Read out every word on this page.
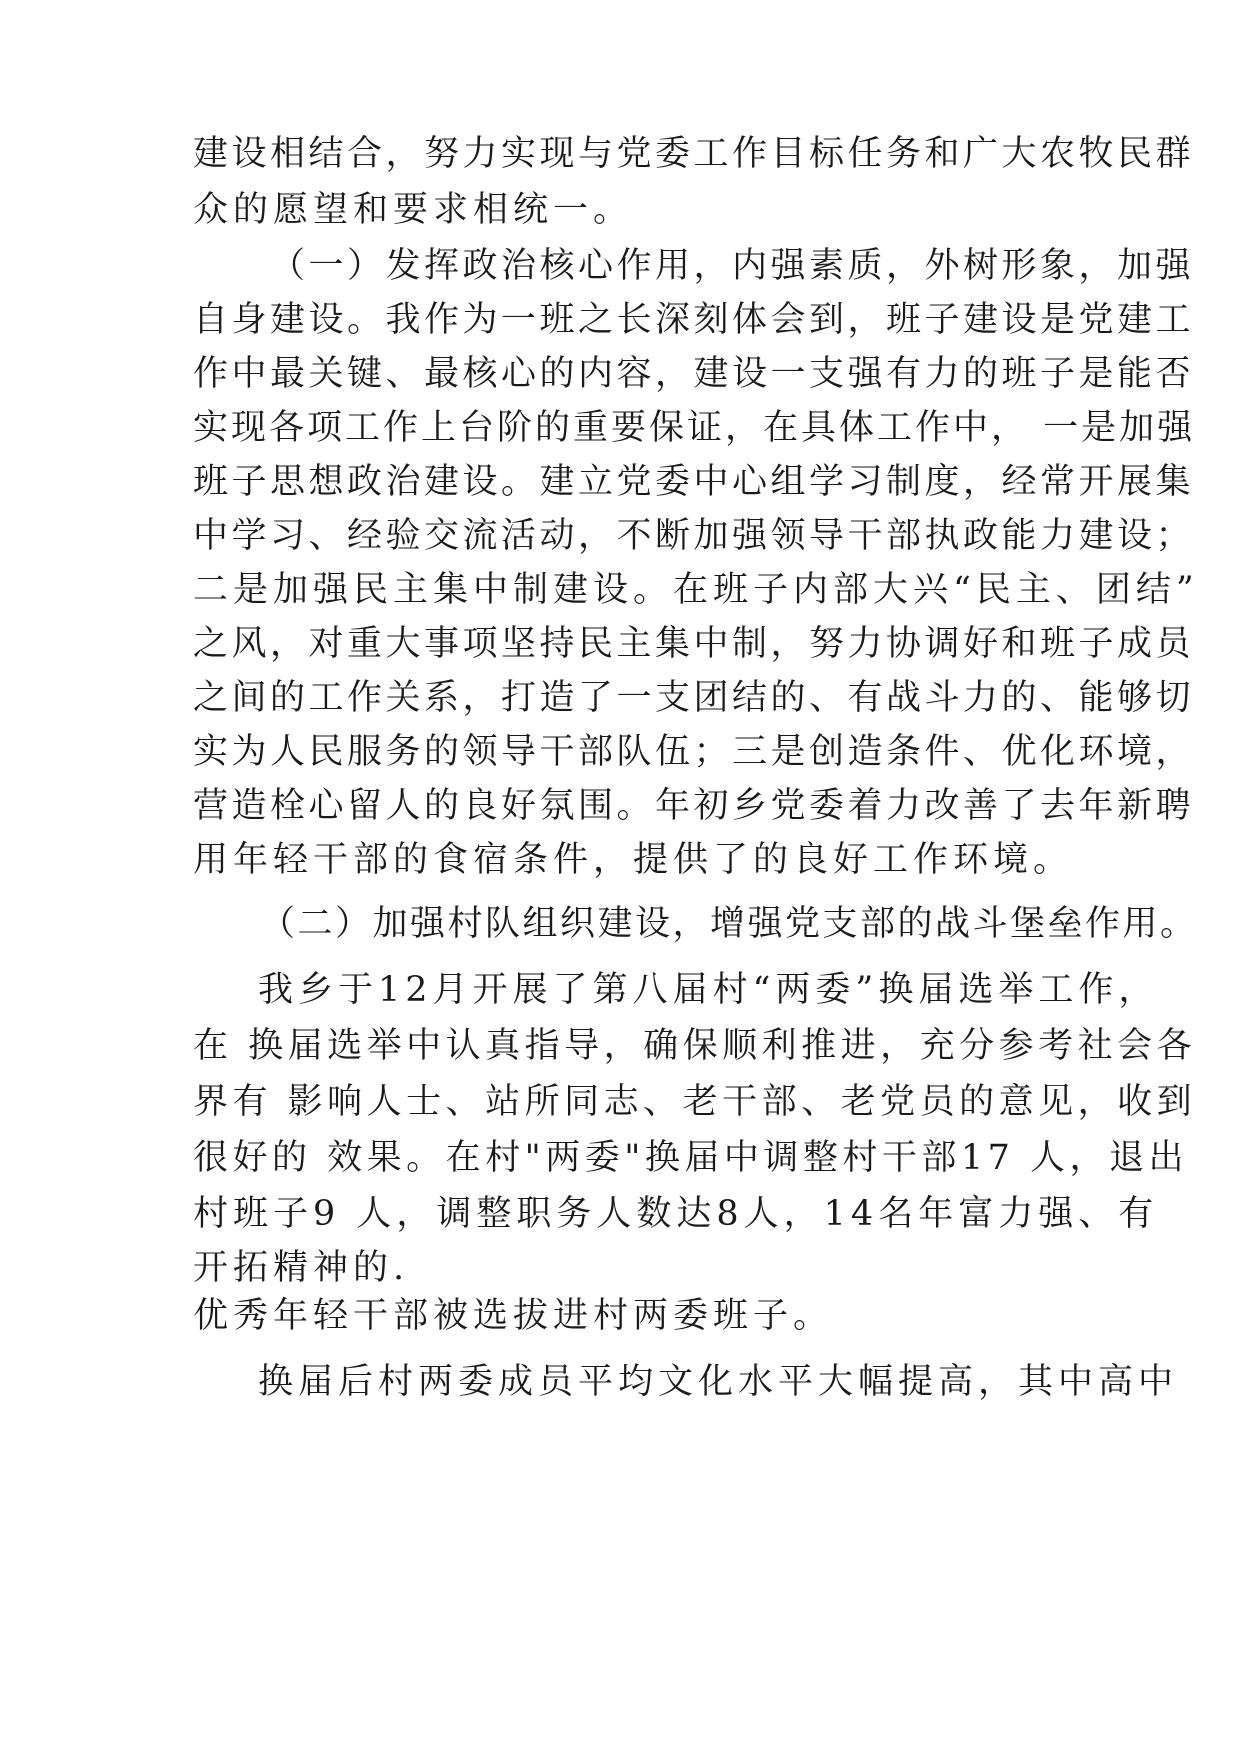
建设相结合，努力实现与党委工作目标任务和广大农牧民群

众的愿望和要求相统一。

（一）发挥政治核心作用，内强素质，外树形象，加强

自身建设。我作为一班之长深刻体会到，班子建设是党建工

作中最关键、最核心的内容，建设一支强有力的班子是能否

实现各项工作上台阶的重要保证，在具体工作中， 一是加强

班子思想政治建设。建立党委中心组学习制度，经常开展集

中学习、经验交流活动，不断加强领导干部执政能力建设；

二是加强民主集中制建设。在班子内部大兴“民主、团结”

之风，对重大事项坚持民主集中制，努力协调好和班子成员

之间的工作关系，打造了一支团结的、有战斗力的、能够切

实为人民服务的领导干部队伍；三是创造条件、优化环境，

营造栓心留人的良好氛围。年初乡党委着力改善了去年新聘

用年轻干部的食宿条件，提供了的良好工作环境。

（二）加强村队组织建设，增强党支部的战斗堡垒作用。

我乡于12月开展了第八届村“两委”换届选举工作，

在 换届选举中认真指导，确保顺利推进，充分参考社会各

界有 影响人士、站所同志、老干部、老党员的意见，收到

很好的 效果。在村"两委"换届中调整村干部17 人，退出

村班子9 人，调整职务人数达8人，14名年富力强、有

开拓精神的.

优秀年轻干部被选拔进村两委班子。

换届后村两委成员平均文化水平大幅提高，其中高中
